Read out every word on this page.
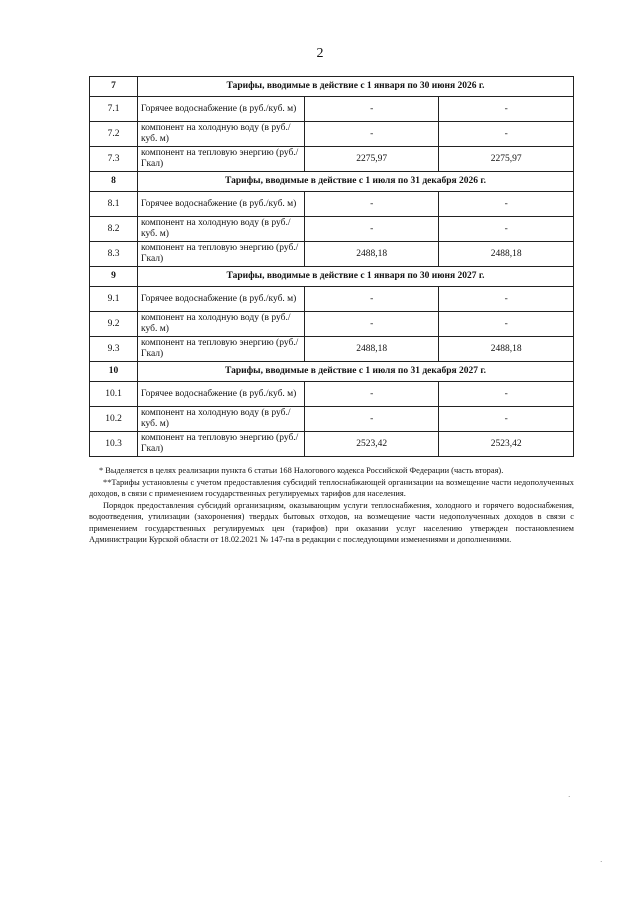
2
7	Тарифы, вводимые в действие с 1 января по 30 июня 2026 г.		
7.1	Горячее водоснабжение (в руб./куб. м)	-	-
7.2	компонент на холодную воду (в руб./куб. м)	-	-
7.3	компонент на тепловую энергию (руб./Гкал)	2275,97	2275,97
8	Тарифы, вводимые в действие с 1 июля по 31 декабря 2026 г.		
8.1	Горячее водоснабжение (в руб./куб. м)	-	-
8.2	компонент на холодную воду (в руб./куб. м)	-	-
8.3	компонент на тепловую энергию (руб./Гкал)	2488,18	2488,18
9	Тарифы, вводимые в действие с 1 января по 30 июня 2027 г.		
9.1	Горячее водоснабжение (в руб./куб. м)	-	-
9.2	компонент на холодную воду (в руб./куб. м)	-	-
9.3	компонент на тепловую энергию (руб./Гкал)	2488,18	2488,18
10	Тарифы, вводимые в действие с 1 июля по 31 декабря 2027 г.		
10.1	Горячее водоснабжение (в руб./куб. м)	-	-
10.2	компонент на холодную воду (в руб./куб. м)	-	-
10.3	компонент на тепловую энергию (руб./Гкал)	2523,42	2523,42

* Выделяется в целях реализации пункта 6 статьи 168 Налогового кодекса Российской Федерации (часть вторая).

**Тарифы установлены с учетом предоставления субсидий теплоснабжающей организации на возмещение части недополученных доходов, в связи с применением государственных регулируемых тарифов для населения.

Порядок предоставления субсидий организациям, оказывающим услуги теплоснабжения, холодного и горячего водоснабжения, водоотведения, утилизации (захоронения) твердых бытовых отходов, на возмещение части недополученных доходов в связи с применением государственных регулируемых цен (тарифов) при оказании услуг населению утвержден постановлением Администрации Курской области от 18.02.2021 № 147-па в редакции с последующими изменениями и дополнениями.

·
·
